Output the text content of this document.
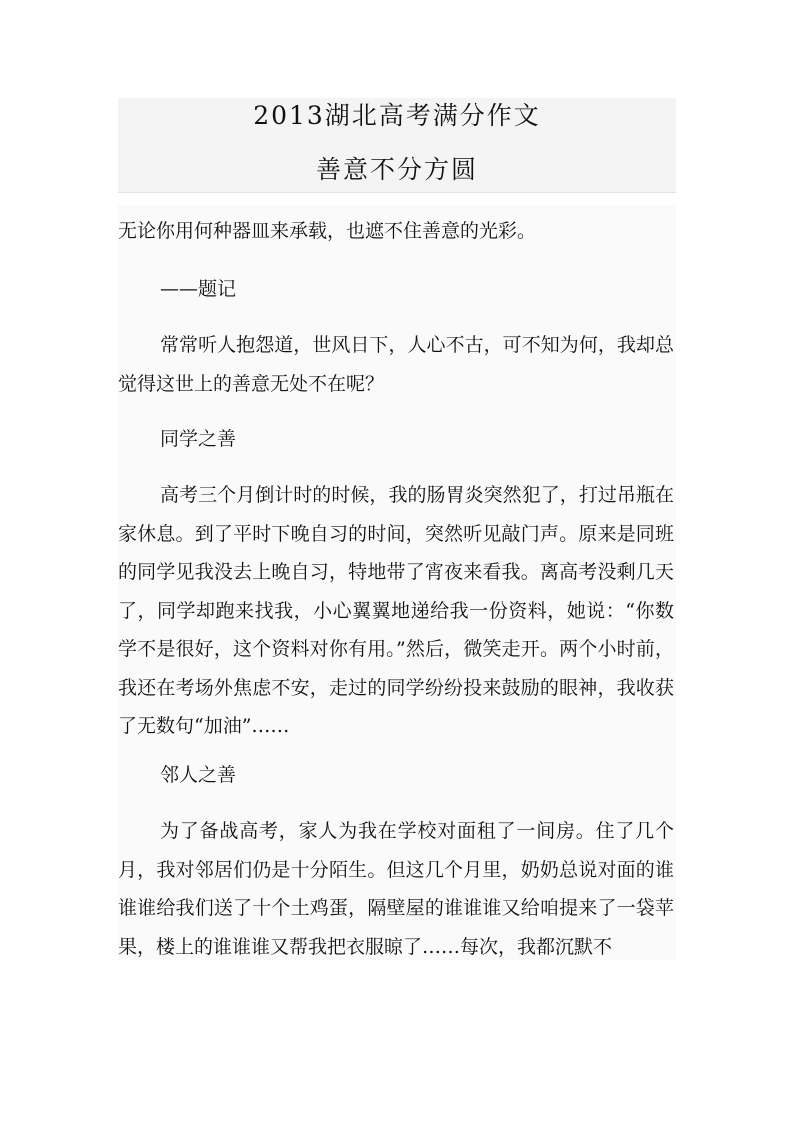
2013湖北高考满分作文
善意不分方圆

无论你用何种器皿来承载，也遮不住善意的光彩。

——题记

常常听人抱怨道，世风日下，人心不古，可不知为何，我却总觉得这世上的善意无处不在呢？

同学之善

高考三个月倒计时的时候，我的肠胃炎突然犯了，打过吊瓶在家休息。到了平时下晚自习的时间，突然听见敲门声。原来是同班的同学见我没去上晚自习，特地带了宵夜来看我。离高考没剩几天了，同学却跑来找我，小心翼翼地递给我一份资料，她说：“你数学不是很好，这个资料对你有用。”然后，微笑走开。两个小时前，我还在考场外焦虑不安，走过的同学纷纷投来鼓励的眼神，我收获了无数句“加油”……

邻人之善

为了备战高考，家人为我在学校对面租了一间房。住了几个月，我对邻居们仍是十分陌生。但这几个月里，奶奶总说对面的谁谁谁给我们送了十个土鸡蛋，隔壁屋的谁谁谁又给咱提来了一袋苹果，楼上的谁谁谁又帮我把衣服晾了……每次，我都沉默不
